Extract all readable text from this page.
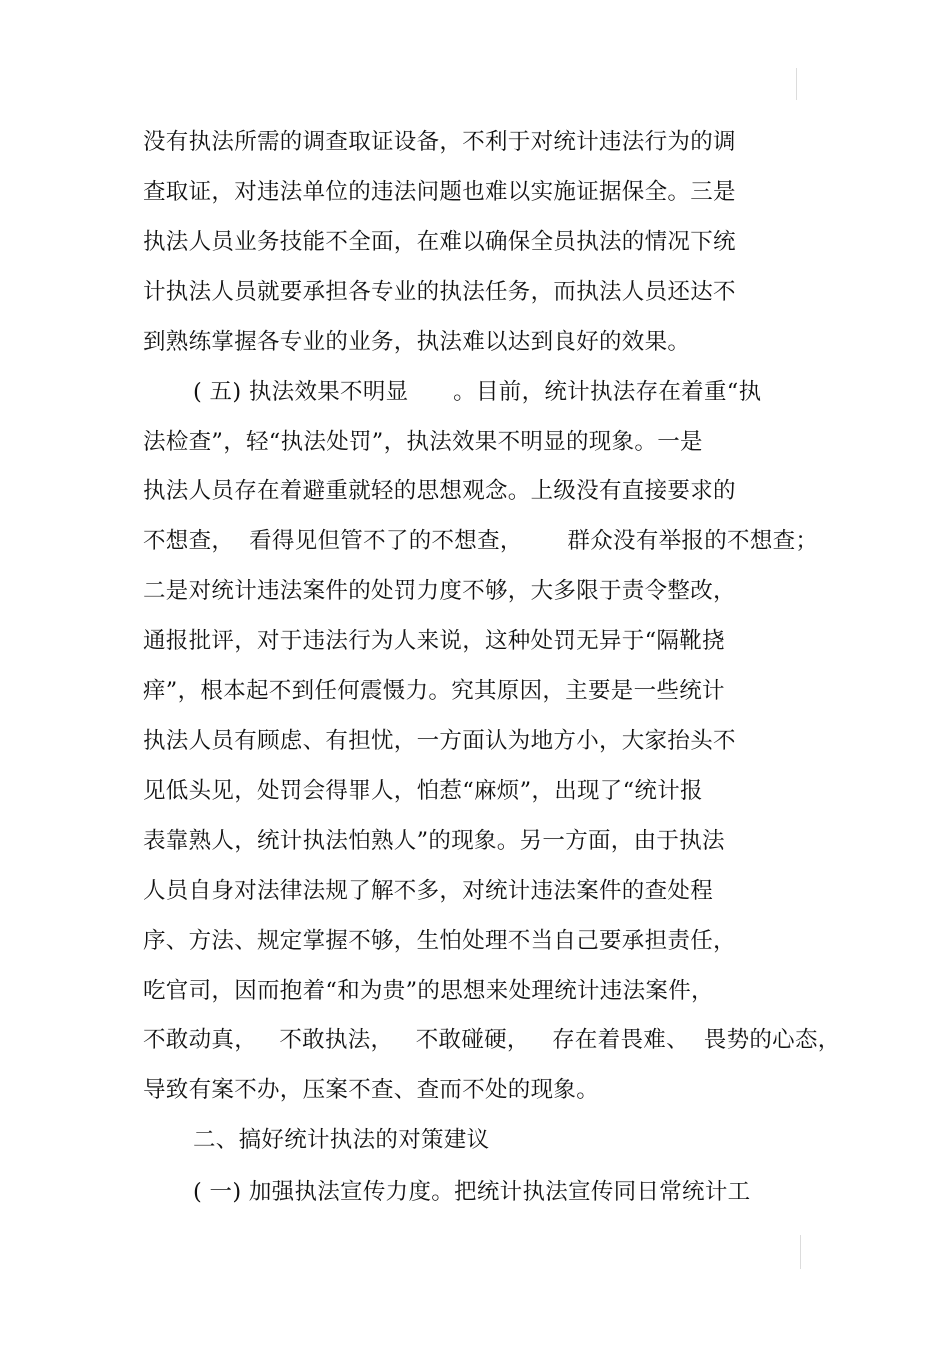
没有执法所需的调查取证设备，不利于对统计违法行为的调
查取证，对违法单位的违法问题也难以实施证据保全。三是
执法人员业务技能不全面，在难以确保全员执法的情况下统
计执法人员就要承担各专业的执法任务，而执法人员还达不
到熟练掌握各专业的业务，执法难以达到良好的效果。
( 五) 执法效果不明显      。目前，统计执法存在着重“执
法检查”，轻“执法处罚”，执法效果不明显的现象。一是
执法人员存在着避重就轻的思想观念。上级没有直接要求的
不想查，  看得见但管不了的不想查，      群众没有举报的不想查；
二是对统计违法案件的处罚力度不够，大多限于责令整改，
通报批评，对于违法行为人来说，这种处罚无异于“隔靴挠
痒”，根本起不到任何震慑力。究其原因，主要是一些统计
执法人员有顾虑、有担忧，一方面认为地方小，大家抬头不
见低头见，处罚会得罪人，怕惹“麻烦”，出现了“统计报
表靠熟人，统计执法怕熟人”的现象。另一方面，由于执法
人员自身对法律法规了解不多，对统计违法案件的查处程
序、方法、规定掌握不够，生怕处理不当自己要承担责任，
吃官司，因而抱着“和为贵”的思想来处理统计违法案件，
不敢动真，   不敢执法，   不敢碰硬，   存在着畏难、  畏势的心态，
导致有案不办，压案不查、查而不处的现象。
二、搞好统计执法的对策建议
( 一) 加强执法宣传力度。把统计执法宣传同日常统计工
